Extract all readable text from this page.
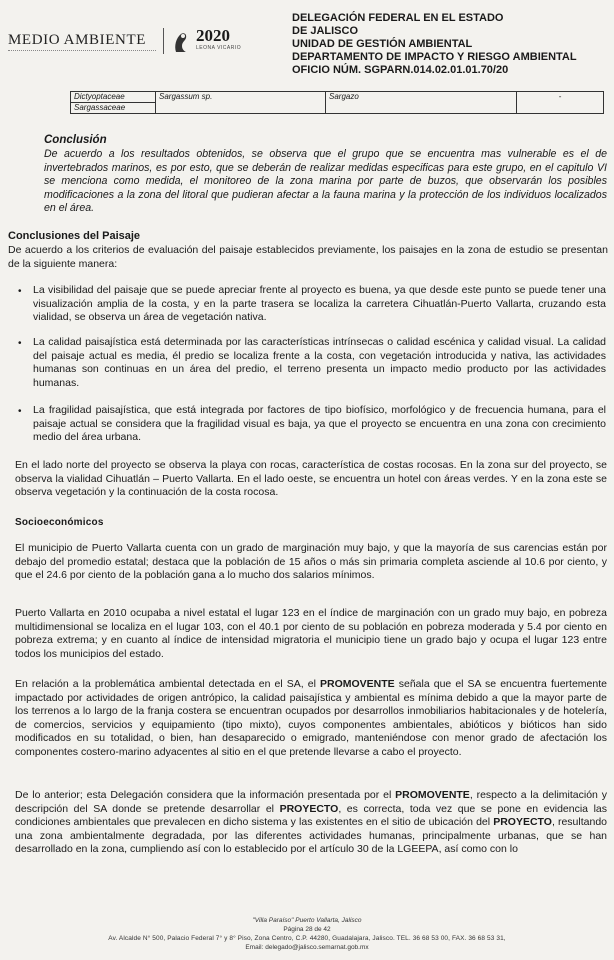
MEDIO AMBIENTE	2020
LEONA VICARIO
DELEGACIÓN FEDERAL EN EL ESTADO
DE JALISCO
UNIDAD DE GESTIÓN AMBIENTAL
DEPARTAMENTO DE IMPACTO Y RIESGO AMBIENTAL
OFICIO NÚM. SGPARN.014.02.01.01.70/20
Dictyoptaceae	Sargassum sp.	Sargazo	-
Sargassaceae
Conclusión

De acuerdo a los resultados obtenidos, se observa que el grupo que se encuentra mas vulnerable es el de invertebrados marinos, es por esto, que se deberán de realizar medidas especificas para este grupo, en el capitulo VI se menciona como medida, el monitoreo de la zona marina por parte de buzos, que observarán los posibles modificaciones a la zona del litoral que pudieran afectar a la fauna marina y la protección de los individuos localizados en el área.

Conclusiones del Paisaje

De acuerdo a los criterios de evaluación del paisaje establecidos previamente, los paisajes en la zona de estudio se presentan de la siguiente manera:

• La visibilidad del paisaje que se puede apreciar frente al proyecto es buena, ya que desde este punto se puede tener una visualización amplia de la costa, y en la parte trasera se localiza la carretera Cihuatlán-Puerto Vallarta, cruzando esta vialidad, se observa un área de vegetación nativa.

• La calidad paisajística está determinada por las características intrínsecas o calidad escénica y calidad visual. La calidad del paisaje actual es media, él predio se localiza frente a la costa, con vegetación introducida y nativa, las actividades humanas son continuas en un área del predio, el terreno presenta un impacto medio producto por las actividades humanas.

• La fragilidad paisajística, que está integrada por factores de tipo biofísico, morfológico y de frecuencia humana, para el paisaje actual se considera que la fragilidad visual es baja, ya que el proyecto se encuentra en una zona con crecimiento medio del área urbana.

En el lado norte del proyecto se observa la playa con rocas, característica de costas rocosas. En la zona sur del proyecto, se observa la vialidad Cihuatlán – Puerto Vallarta. En el lado oeste, se encuentra un hotel con áreas verdes. Y en la zona este se observa vegetación y la continuación de la costa rocosa.

Socioeconómicos

El municipio de Puerto Vallarta cuenta con un grado de marginación muy bajo, y que la mayoría de sus carencias están por debajo del promedio estatal; destaca que la población de 15 años o más sin primaria completa asciende al 10.6 por ciento, y que el 24.6 por ciento de la población gana a lo mucho dos salarios mínimos.

Puerto Vallarta en 2010 ocupaba a nivel estatal el lugar 123 en el índice de marginación con un grado muy bajo, en pobreza multidimensional se localiza en el lugar 103, con el 40.1 por ciento de su población en pobreza moderada y 5.4 por ciento en pobreza extrema; y en cuanto al índice de intensidad migratoria el municipio tiene un grado bajo y ocupa el lugar 123 entre todos los municipios del estado.

En relación a la problemática ambiental detectada en el SA, el PROMOVENTE señala que el SA se encuentra fuertemente impactado por actividades de origen antrópico, la calidad paisajística y ambiental es mínima debido a que la mayor parte de los terrenos a lo largo de la franja costera se encuentran ocupados por desarrollos inmobiliarios habitacionales y de hotelería, de comercios, servicios y equipamiento (tipo mixto), cuyos componentes ambientales, abióticos y bióticos han sido modificados en su totalidad, o bien, han desaparecido o emigrado, manteniéndose con menor grado de afectación los componentes costero-marino adyacentes al sitio en el que pretende llevarse a cabo el proyecto.

De lo anterior; esta Delegación considera que la información presentada por el PROMOVENTE, respecto a la delimitación y descripción del SA donde se pretende desarrollar el PROYECTO, es correcta, toda vez que se pone en evidencia las condiciones ambientales que prevalecen en dicho sistema y las existentes en el sitio de ubicación del PROYECTO, resultando una zona ambientalmente degradada, por las diferentes actividades humanas, principalmente urbanas, que se han desarrollado en la zona, cumpliendo así con lo establecido por el artículo 30 de la LGEEPA, así como con lo

"Villa Paraíso" Puerto Vallarta, Jalisco
Página 28 de 42
Av. Alcalde N° 500, Palacio Federal 7° y 8° Piso, Zona Centro, C.P. 44280, Guadalajara, Jalisco. TEL. 36 68 53 00, FAX. 36 68 53 31,
Email: delegado@jalisco.semarnat.gob.mx
